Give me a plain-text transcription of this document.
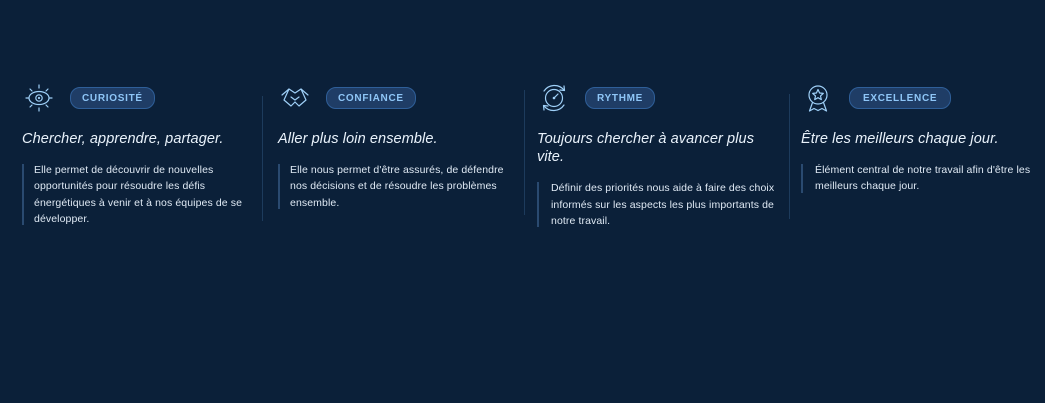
CURIOSITÉ

Chercher, apprendre, partager.

Elle permet de découvrir de nouvelles opportunités pour résoudre les défis énergétiques à venir et à nos équipes de se développer.

CONFIANCE

Aller plus loin ensemble.

Elle nous permet d'être assurés, de défendre nos décisions et de résoudre les problèmes ensemble.

RYTHME

Toujours chercher à avancer plus vite.

Définir des priorités nous aide à faire des choix informés sur les aspects les plus importants de notre travail.

EXCELLENCE

Être les meilleurs chaque jour.

Élément central de notre travail afin d'être les meilleurs chaque jour.
